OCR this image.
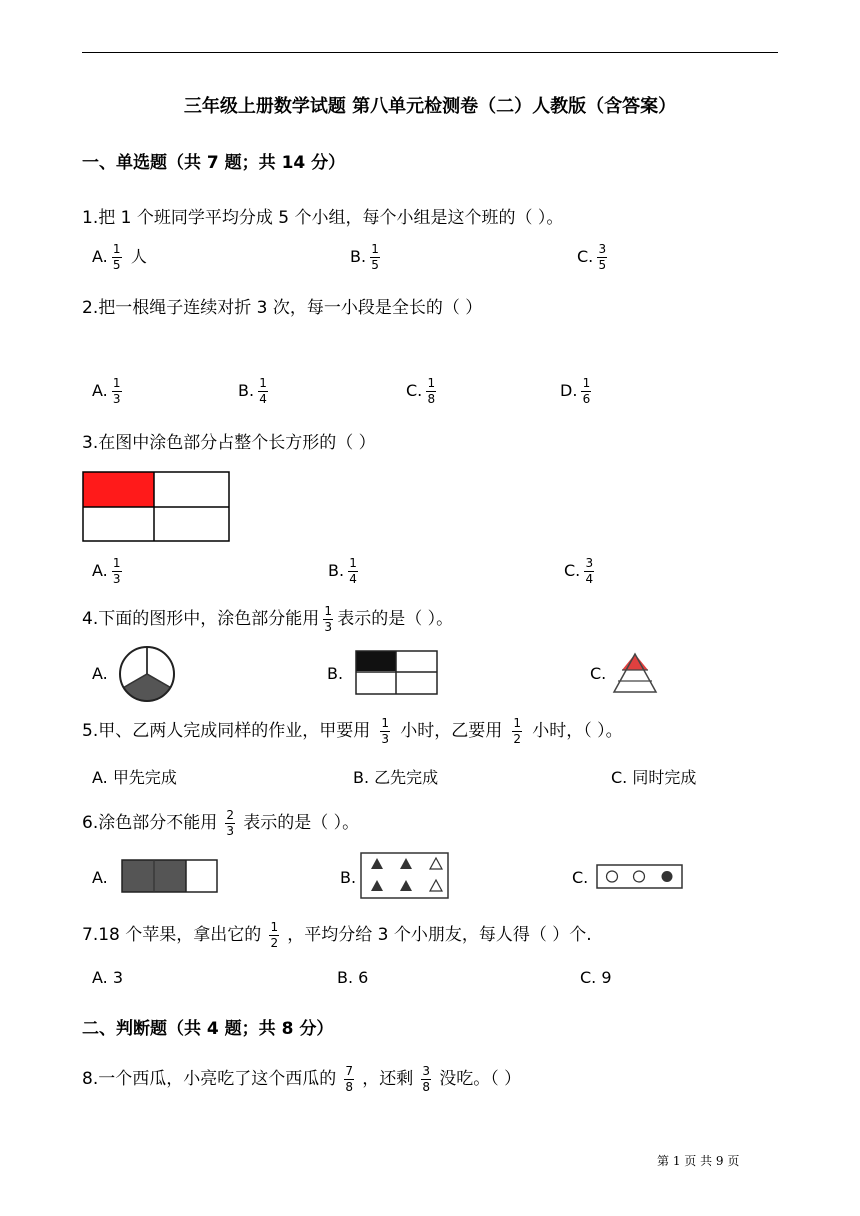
三年级上册数学试题 第八单元检测卷（二）人教版（含答案）
一、单选题（共 7 题；共 14 分）
1.把 1 个班同学平均分成 5 个小组，每个小组是这个班的（ ）。
A. $\frac{1}{5}$ 人	B. $\frac{1}{5}$	C. $\frac{3}{5}$
2.把一根绳子连续对折 3 次，每一小段是全长的（ ）
A. $\frac{1}{3}$	B. $\frac{1}{4}$	C. $\frac{1}{8}$	D. $\frac{1}{6}$
3.在图中涂色部分占整个长方形的（ ）
A. $\frac{1}{3}$	B. $\frac{1}{4}$	C. $\frac{3}{4}$
4.下面的图形中，涂色部分能用 $\frac{1}{3}$ 表示的是（ ）。
A.	B.	C.
5.甲、乙两人完成同样的作业，甲要用 $\frac{1}{3}$ 小时，乙要用 $\frac{1}{2}$ 小时，（ ）。
A. 甲先完成	B. 乙先完成	C. 同时完成
6.涂色部分不能用 $\frac{2}{3}$ 表示的是（ ）。
A.	B.	C.
7.18 个苹果，拿出它的 $\frac{1}{2}$ ，平均分给 3 个小朋友，每人得（ ）个.
A. 3	B. 6	C. 9
二、判断题（共 4 题；共 8 分）
8.一个西瓜，小亮吃了这个西瓜的 $\frac{7}{8}$ ，还剩 $\frac{3}{8}$ 没吃。（ ）
第 1 页 共 9 页
